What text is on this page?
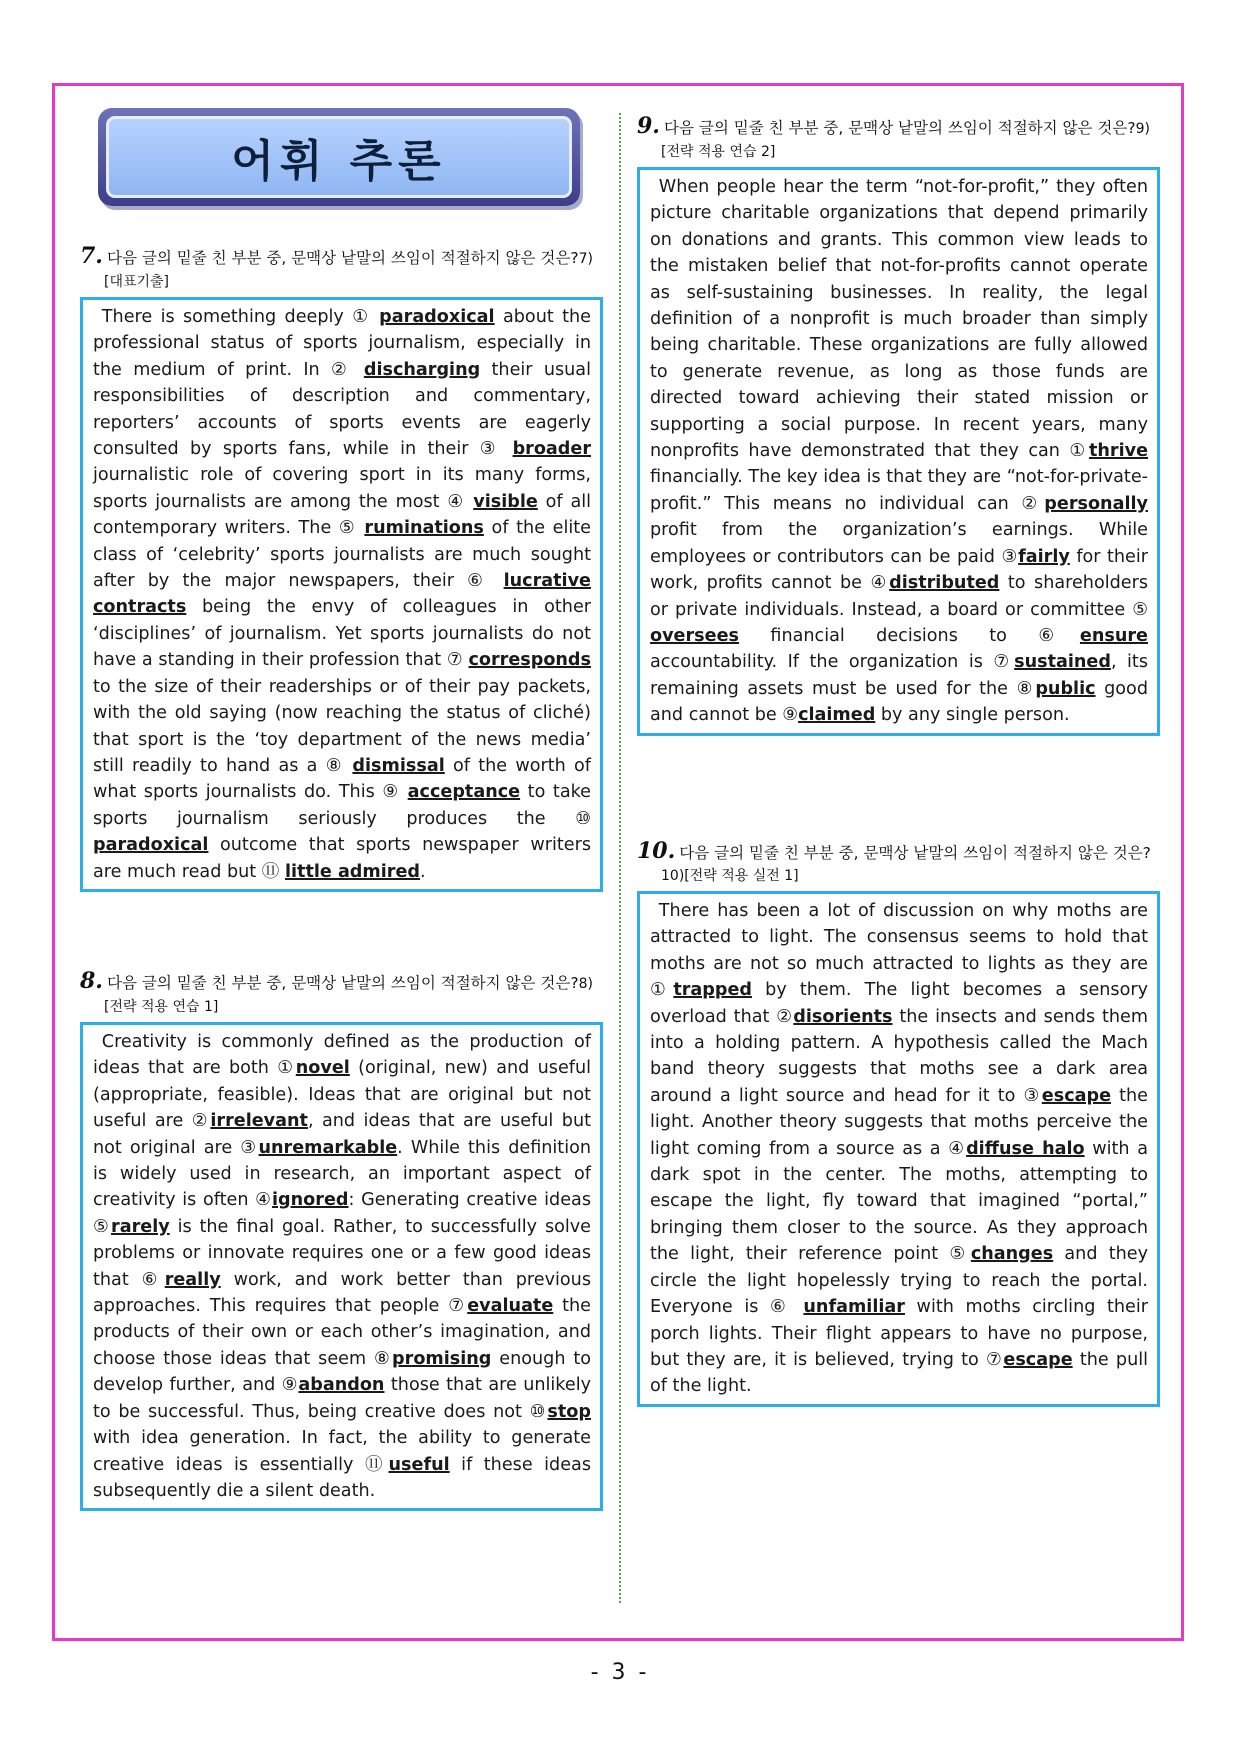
어휘 추론
7. 다음 글의 밑줄 친 부분 중, 문맥상 낱말의 쓰임이 적절하지 않은 것은?7)[대표기출]
 There is something deeply ① paradoxical about the professional status of sports journalism, especially in the medium of print. In ② discharging their usual responsibilities of description and commentary, reporters’ accounts of sports events are eagerly consulted by sports fans, while in their ③ broader journalistic role of covering sport in its many forms, sports journalists are among the most ④ visible of all contemporary writers. The ⑤ ruminations of the elite class of ‘celebrity’ sports journalists are much sought after by the major newspapers, their ⑥ lucrative contracts being the envy of colleagues in other ‘disciplines’ of journalism. Yet sports journalists do not have a standing in their profession that ⑦ corresponds to the size of their readerships or of their pay packets, with the old saying (now reaching the status of cliché) that sport is the ‘toy department of the news media’ still readily to hand as a ⑧ dismissal of the worth of what sports journalists do. This ⑨ acceptance to take sports journalism seriously produces the ⑩ paradoxical outcome that sports newspaper writers are much read but ⑪ little admired.
8. 다음 글의 밑줄 친 부분 중, 문맥상 낱말의 쓰임이 적절하지 않은 것은?8)[전략 적용 연습 1]
 Creativity is commonly defined as the production of ideas that are both ①novel (original, new) and useful (appropriate, feasible). Ideas that are original but not useful are ②irrelevant, and ideas that are useful but not original are ③unremarkable. While this definition is widely used in research, an important aspect of creativity is often ④ignored: Generating creative ideas ⑤rarely is the final goal. Rather, to successfully solve problems or innovate requires one or a few good ideas that ⑥really work, and work better than previous approaches. This requires that people ⑦evaluate the products of their own or each other’s imagination, and choose those ideas that seem ⑧promising enough to develop further, and ⑨abandon those that are unlikely to be successful. Thus, being creative does not ⑩stop with idea generation. In fact, the ability to generate creative ideas is essentially ⑪useful if these ideas subsequently die a silent death.
9. 다음 글의 밑줄 친 부분 중, 문맥상 낱말의 쓰임이 적절하지 않은 것은?9)[전략 적용 연습 2]
 When people hear the term “not-for-profit,” they often picture charitable organizations that depend primarily on donations and grants. This common view leads to the mistaken belief that not-for-profits cannot operate as self-sustaining businesses. In reality, the legal definition of a nonprofit is much broader than simply being charitable. These organizations are fully allowed to generate revenue, as long as those funds are directed toward achieving their stated mission or supporting a social purpose. In recent years, many nonprofits have demonstrated that they can ①thrive financially. The key idea is that they are “not-for-private-profit.” This means no individual can ②personally profit from the organization’s earnings. While employees or contributors can be paid ③fairly for their work, profits cannot be ④distributed to shareholders or private individuals. Instead, a board or committee ⑤ oversees financial decisions to ⑥ensure accountability. If the organization is ⑦sustained, its remaining assets must be used for the ⑧public good and cannot be ⑨claimed by any single person.
10. 다음 글의 밑줄 친 부분 중, 문맥상 낱말의 쓰임이 적절하지 않은 것은?10)[전략 적용 실전 1]
 There has been a lot of discussion on why moths are attracted to light. The consensus seems to hold that moths are not so much attracted to lights as they are ①trapped by them. The light becomes a sensory overload that ②disorients the insects and sends them into a holding pattern. A hypothesis called the Mach band theory suggests that moths see a dark area around a light source and head for it to ③escape the light. Another theory suggests that moths perceive the light coming from a source as a ④diffuse halo with a dark spot in the center. The moths, attempting to escape the light, fly toward that imagined “portal,” bringing them closer to the source. As they approach the light, their reference point ⑤changes and they circle the light hopelessly trying to reach the portal. Everyone is ⑥ unfamiliar with moths circling their porch lights. Their flight appears to have no purpose, but they are, it is believed, trying to ⑦escape the pull of the light.
- 3 -
